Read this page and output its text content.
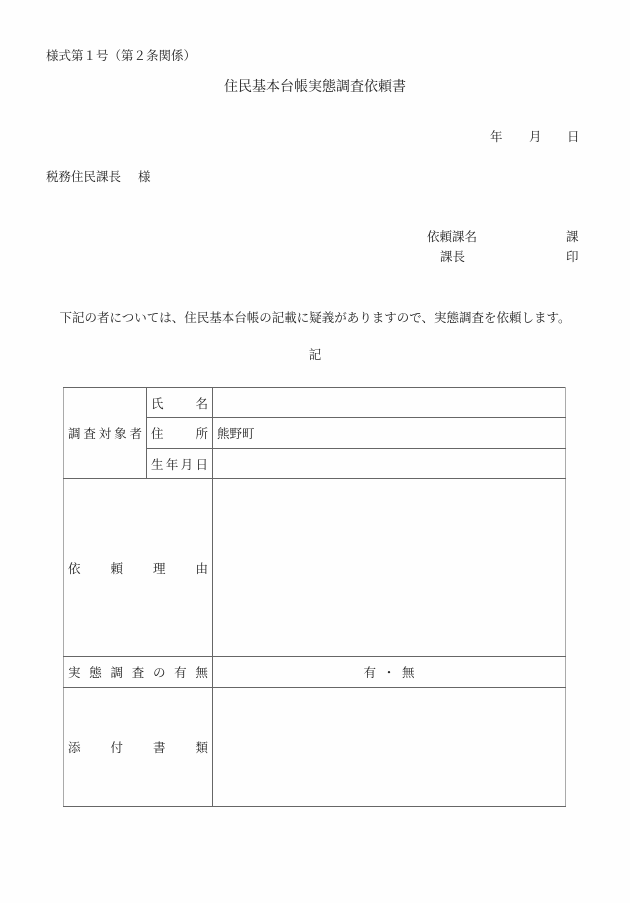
様式第１号（第２条関係）
住民基本台帳実態調査依頼書
年 月 日
税務住民課長 様
依頼課名	課
課長	印
下記の者については、住民基本台帳の記載に疑義がありますので、実態調査を依頼します。
記
調 査 対 象 者	氏 名	

	住 所	熊野町

	生 年 月 日	

依 頼 理 由		

実 態 調 査 の 有 無	有 ・ 無

添 付 書 類		
